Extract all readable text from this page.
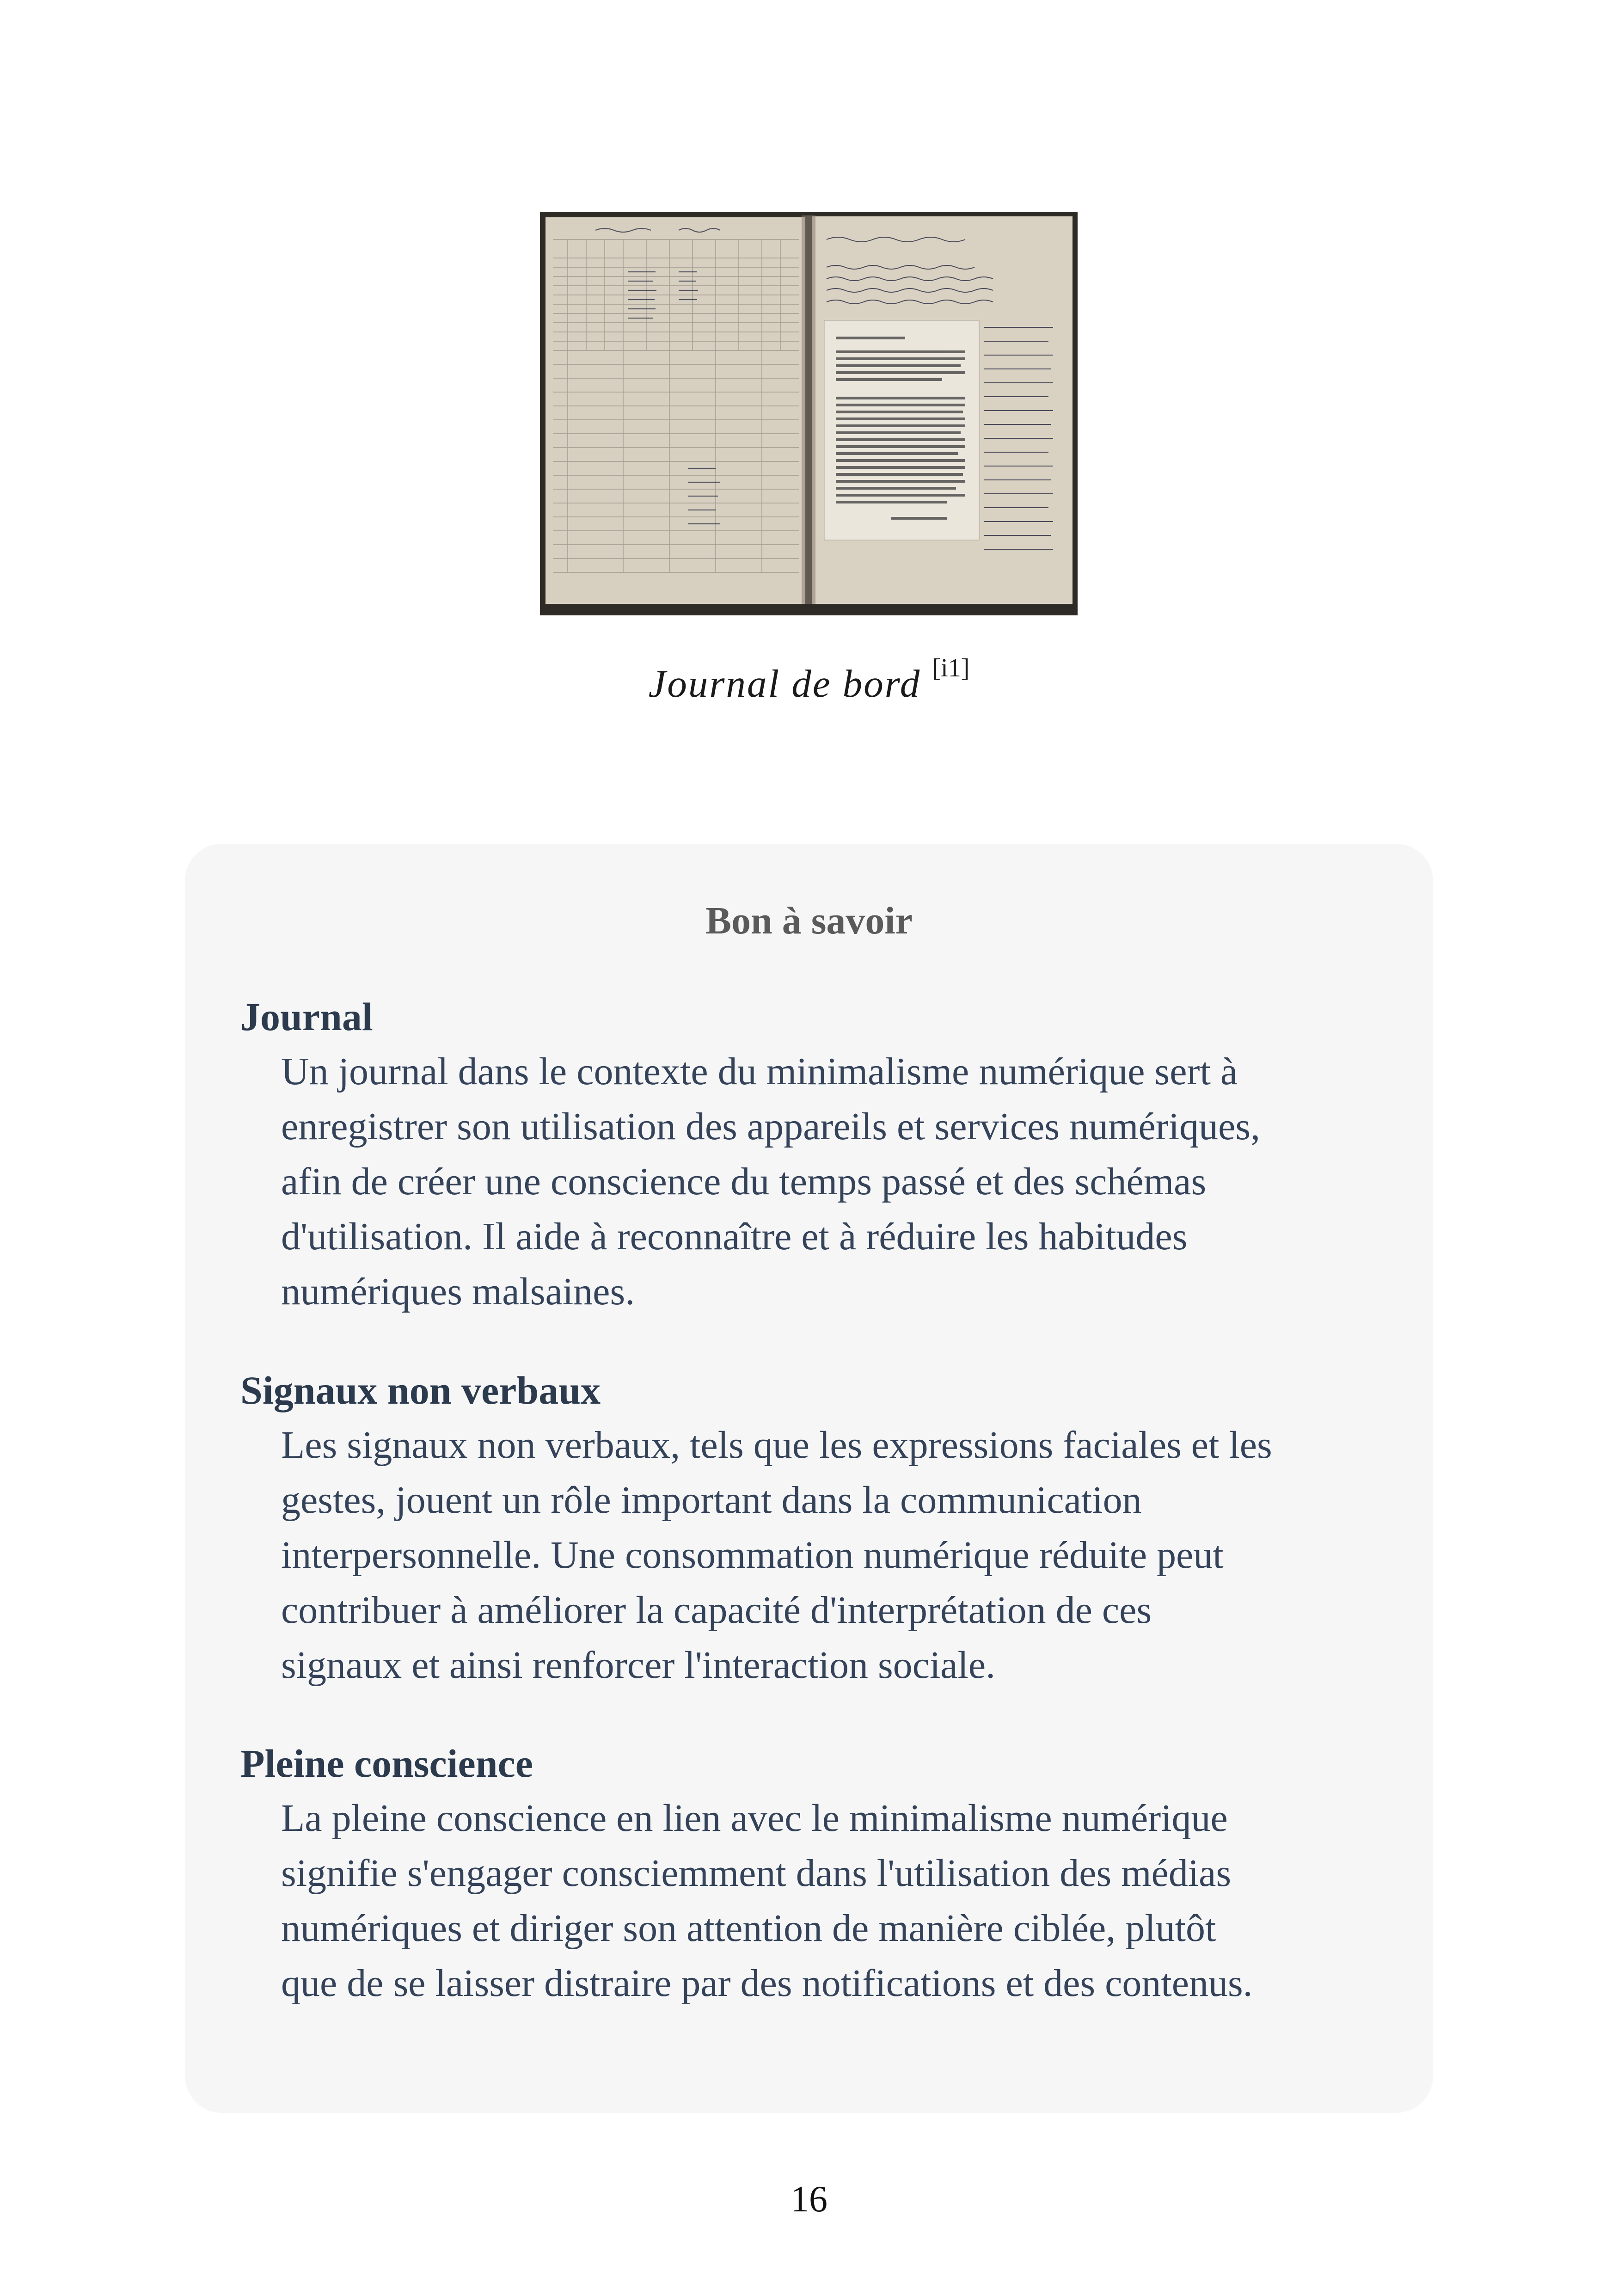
Journal de bord [i1]
Bon à savoir
Journal
Un journal dans le contexte du minimalisme numérique sert à
enregistrer son utilisation des appareils et services numériques,
afin de créer une conscience du temps passé et des schémas
d'utilisation. Il aide à reconnaître et à réduire les habitudes
numériques malsaines.
Signaux non verbaux
Les signaux non verbaux, tels que les expressions faciales et les
gestes, jouent un rôle important dans la communication
interpersonnelle. Une consommation numérique réduite peut
contribuer à améliorer la capacité d'interprétation de ces
signaux et ainsi renforcer l'interaction sociale.
Pleine conscience
La pleine conscience en lien avec le minimalisme numérique
signifie s'engager consciemment dans l'utilisation des médias
numériques et diriger son attention de manière ciblée, plutôt
que de se laisser distraire par des notifications et des contenus.
16
